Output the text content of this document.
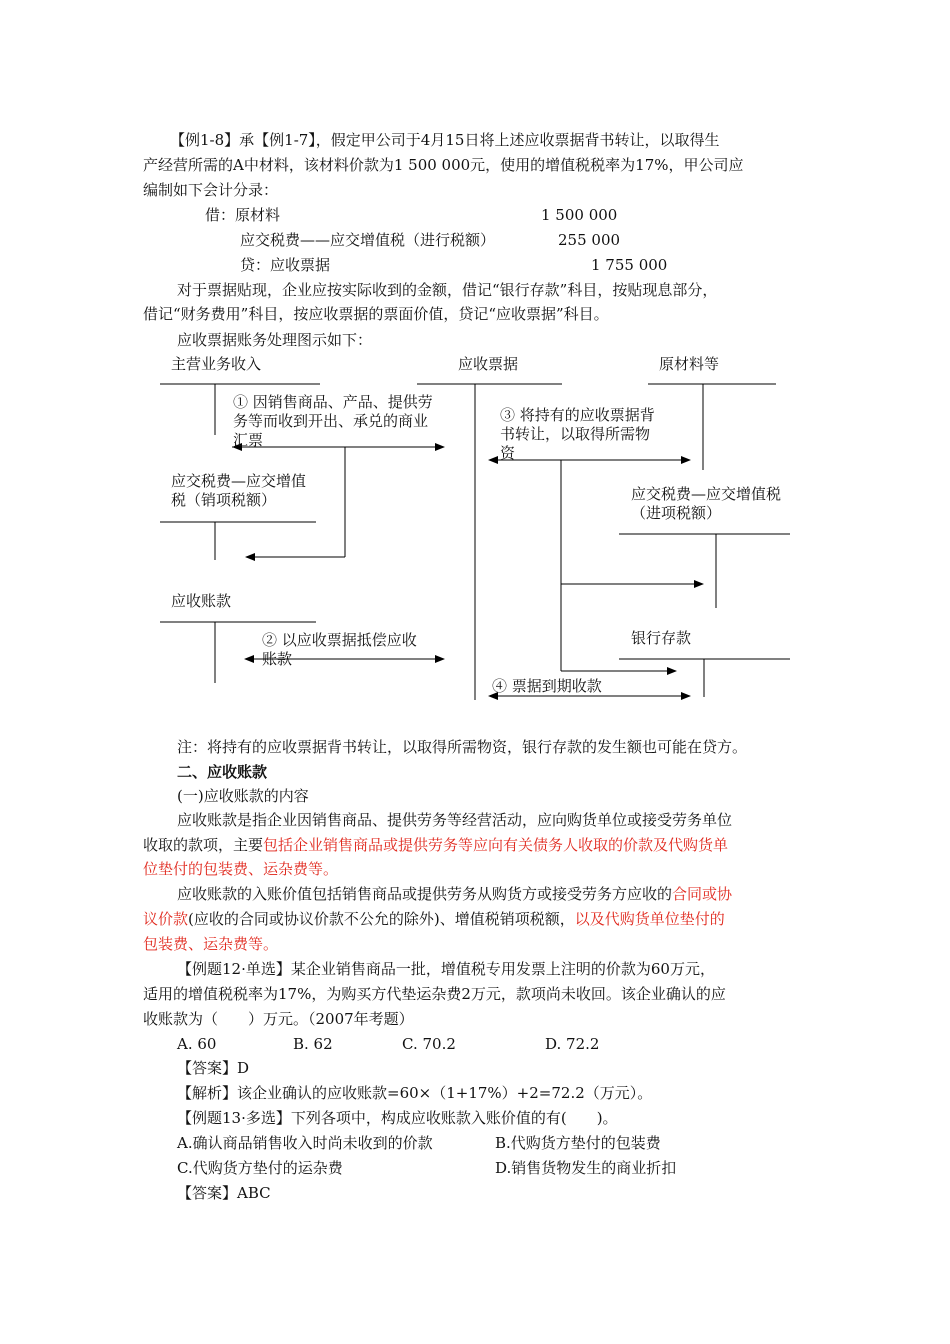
【例1-8】承【例1-7】，假定甲公司于4月15日将上述应收票据背书转让，以取得生
产经营所需的A中材料，该材料价款为1 500 000元，使用的增值税税率为17%，甲公司应
编制如下会计分录：
借：原材料	1 500 000
应交税费——应交增值税（进行税额）	255 000
贷：应收票据	1 755 000
对于票据贴现，企业应按实际收到的金额，借记“银行存款”科目，按贴现息部分，
借记“财务费用”科目，按应收票据的票面价值，贷记“应收票据”科目。
应收票据账务处理图示如下：
主营业务收入	应收票据	原材料等
① 因销售商品、产品、提供劳
务等而收到开出、承兑的商业
汇票
③ 将持有的应收票据背
书转让，以取得所需物
资
应交税费—应交增值
税（销项税额）	应交税费—应交增值税
（进项税额）
应收账款
银行存款
② 以应收票据抵偿应收
账款
④ 票据到期收款
注：将持有的应收票据背书转让，以取得所需物资，银行存款的发生额也可能在贷方。
二、应收账款
(一)应收账款的内容
应收账款是指企业因销售商品、提供劳务等经营活动，应向购货单位或接受劳务单位
收取的款项，主要包括企业销售商品或提供劳务等应向有关债务人收取的价款及代购货单
位垫付的包装费、运杂费等。
应收账款的入账价值包括销售商品或提供劳务从购货方或接受劳务方应收的合同或协
议价款(应收的合同或协议价款不公允的除外)、增值税销项税额，以及代购货单位垫付的
包装费、运杂费等。
【例题12·单选】某企业销售商品一批，增值税专用发票上注明的价款为60万元，
适用的增值税税率为17%，为购买方代垫运杂费2万元，款项尚未收回。该企业确认的应
收账款为（　　）万元。（2007年考题）
A. 60	B. 62	C. 70.2	D. 72.2
【答案】D
【解析】该企业确认的应收账款=60×（1+17%）+2=72.2（万元）。
【例题13·多选】下列各项中，构成应收账款入账价值的有(　　)。
A.确认商品销售收入时尚未收到的价款	B.代购货方垫付的包装费
C.代购货方垫付的运杂费	D.销售货物发生的商业折扣
【答案】ABC
